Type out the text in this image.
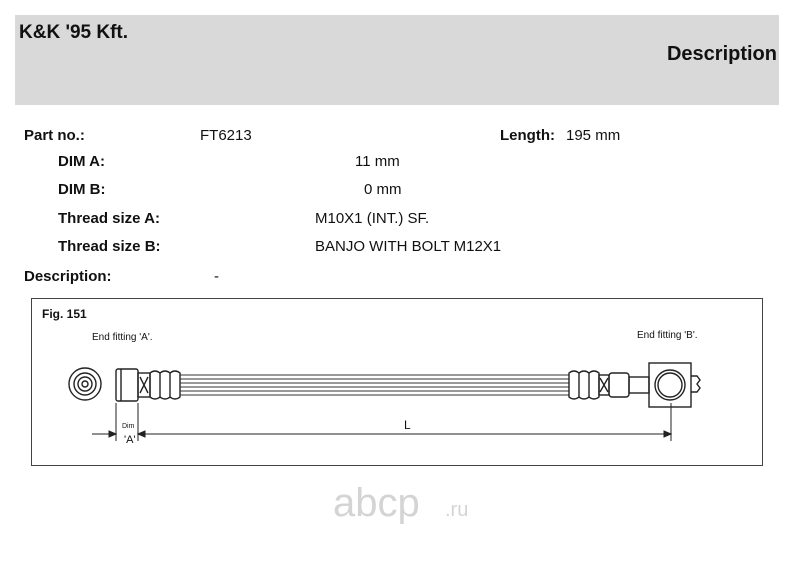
K&K '95 Kft.
Description
Part no.:	FT6213	Length: 195 mm
DIM A:	11 mm
DIM B:	0 mm
Thread size A:	M10X1 (INT.) SF.
Thread size B:	BANJO WITH BOLT M12X1
Description:	-
Fig. 151
End fitting 'A'.	End fitting 'B'.
L
Dim
'A'
abcp .ru
